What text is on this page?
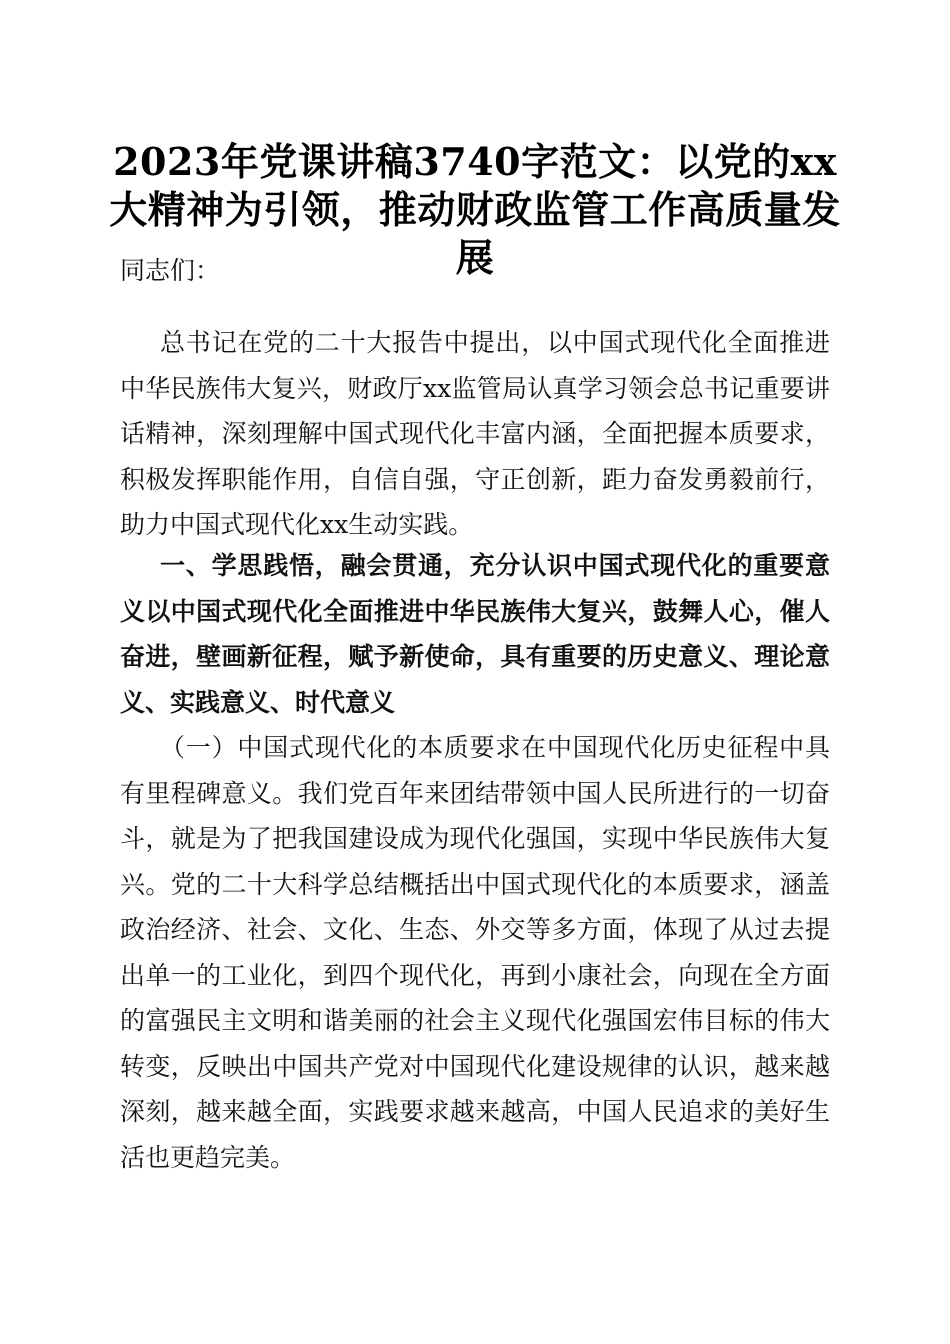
2023年党课讲稿3740字范文：以党的xx大精神为引领，推动财政监管工作高质量发展

同志们：

总书记在党的二十大报告中提出，以中国式现代化全面推进中华民族伟大复兴，财政厅xx监管局认真学习领会总书记重要讲话精神，深刻理解中国式现代化丰富内涵，全面把握本质要求，积极发挥职能作用，自信自强，守正创新，距力奋发勇毅前行，助力中国式现代化xx生动实践。

一、学思践悟，融会贯通，充分认识中国式现代化的重要意义以中国式现代化全面推进中华民族伟大复兴，鼓舞人心，催人奋进，壁画新征程，赋予新使命，具有重要的历史意义、理论意义、实践意义、时代意义

（一）中国式现代化的本质要求在中国现代化历史征程中具有里程碑意义。我们党百年来团结带领中国人民所进行的一切奋斗，就是为了把我国建设成为现代化强国，实现中华民族伟大复兴。党的二十大科学总结概括出中国式现代化的本质要求，涵盖政治经济、社会、文化、生态、外交等多方面，体现了从过去提出单一的工业化，到四个现代化，再到小康社会，向现在全方面的富强民主文明和谐美丽的社会主义现代化强国宏伟目标的伟大转变，反映出中国共产党对中国现代化建设规律的认识，越来越深刻，越来越全面，实践要求越来越高，中国人民追求的美好生活也更趋完美。
